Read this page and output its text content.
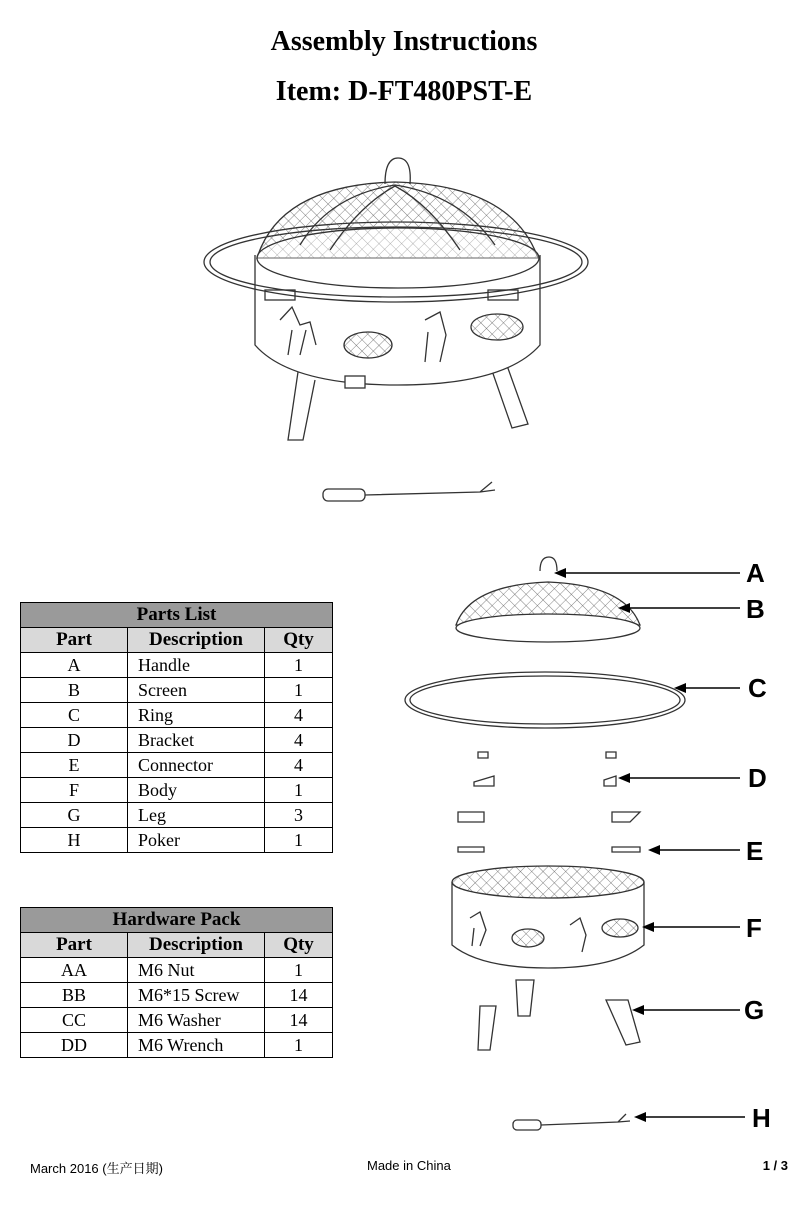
Assembly Instructions
Item: D-FT480PST-E
A
B
C
D
E
F
G
H
Parts List		
Part	Description	Qty
A	Handle	1
B	Screen	1
C	Ring	4
D	Bracket	4
E	Connector	4
F	Body	1
G	Leg	3
H	Poker	1
Hardware Pack		
Part	Description	Qty
AA	M6 Nut	1
BB	M6*15 Screw	14
CC	M6 Washer	14
DD	M6 Wrench	1
March 2016 (生产日期)	Made in China	1 / 3
